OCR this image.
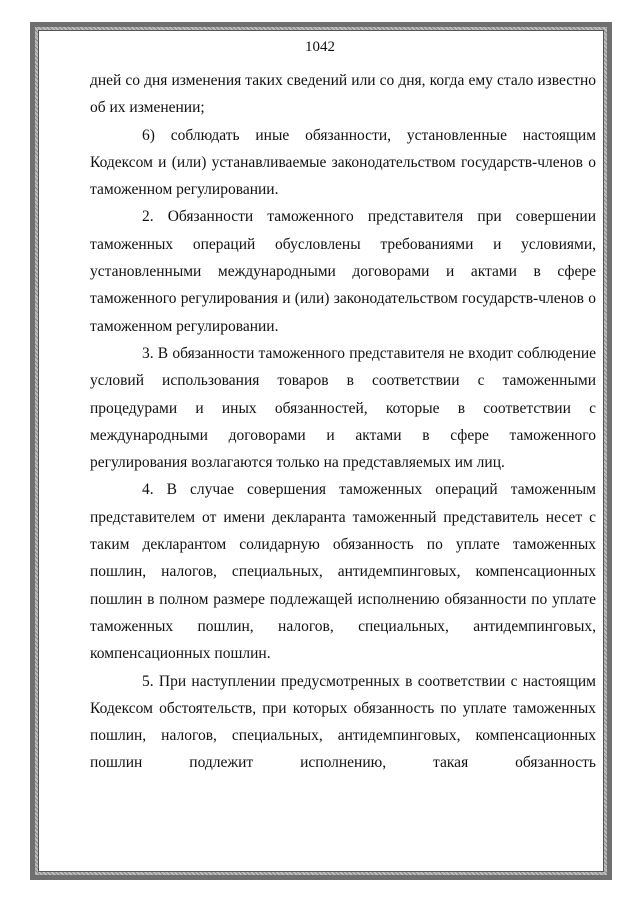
1042

дней со дня изменения таких сведений или со дня, когда ему стало известно об их изменении;

6) соблюдать иные обязанности, установленные настоящим Кодексом и (или) устанавливаемые законодательством государств-членов о таможенном регулировании.

2. Обязанности таможенного представителя при совершении таможенных операций обусловлены требованиями и условиями, установленными международными договорами и актами в сфере таможенного регулирования и (или) законодательством государств-членов о таможенном регулировании.

3. В обязанности таможенного представителя не входит соблюдение условий использования товаров в соответствии с таможенными процедурами и иных обязанностей, которые в соответствии с международными договорами и актами в сфере таможенного регулирования возлагаются только на представляемых им лиц.

4. В случае совершения таможенных операций таможенным представителем от имени декларанта таможенный представитель несет с таким декларантом солидарную обязанность по уплате таможенных пошлин, налогов, специальных, антидемпинговых, компенсационных пошлин в полном размере подлежащей исполнению обязанности по уплате таможенных пошлин, налогов, специальных, антидемпинговых, компенсационных пошлин.

5. При наступлении предусмотренных в соответствии с настоящим Кодексом обстоятельств, при которых обязанность по уплате таможенных пошлин, налогов, специальных, антидемпинговых, компенсационных пошлин подлежит исполнению, такая обязанность
